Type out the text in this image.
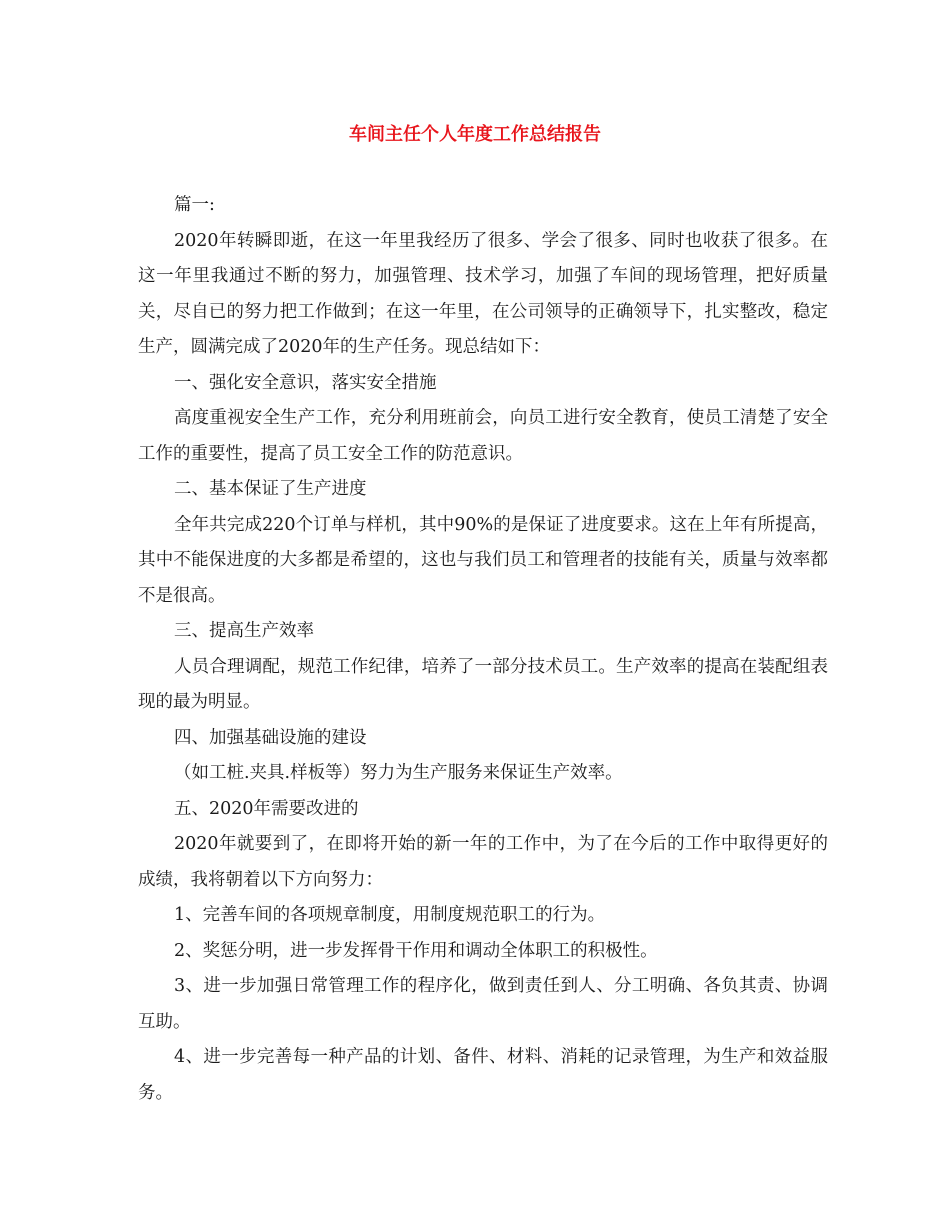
车间主任个人年度工作总结报告

篇一:

2020年转瞬即逝，在这一年里我经历了很多、学会了很多、同时也收获了很多。在这一年里我通过不断的努力，加强管理、技术学习，加强了车间的现场管理，把好质量关，尽自已的努力把工作做到；在这一年里，在公司领导的正确领导下，扎实整改，稳定生产，圆满完成了2020年的生产任务。现总结如下：

一、强化安全意识，落实安全措施

高度重视安全生产工作，充分利用班前会，向员工进行安全教育，使员工清楚了安全工作的重要性，提高了员工安全工作的防范意识。

二、基本保证了生产进度

全年共完成220个订单与样机，其中90%的是保证了进度要求。这在上年有所提高，其中不能保进度的大多都是希望的，这也与我们员工和管理者的技能有关，质量与效率都不是很高。

三、提高生产效率

人员合理调配，规范工作纪律，培养了一部分技术员工。生产效率的提高在装配组表现的最为明显。

四、加强基础设施的建设

（如工桩.夹具.样板等）努力为生产服务来保证生产效率。

五、2020年需要改进的

2020年就要到了，在即将开始的新一年的工作中，为了在今后的工作中取得更好的成绩，我将朝着以下方向努力：

1、完善车间的各项规章制度，用制度规范职工的行为。

2、奖惩分明，进一步发挥骨干作用和调动全体职工的积极性。

3、进一步加强日常管理工作的程序化，做到责任到人、分工明确、各负其责、协调互助。

4、进一步完善每一种产品的计划、备件、材料、消耗的记录管理，为生产和效益服务。
